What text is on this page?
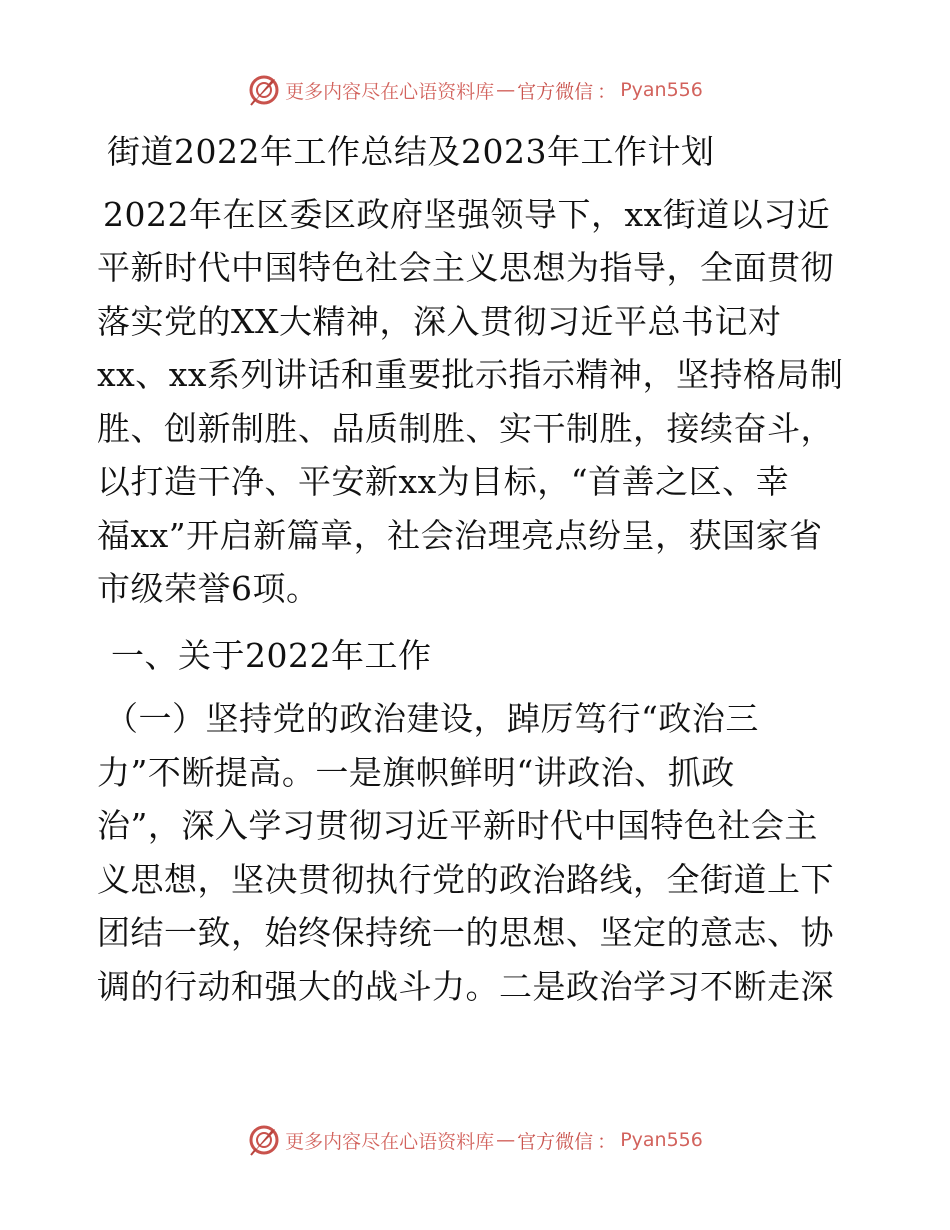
更多内容尽在心语资料库 — 官方微信 ： Pyan556
街道2022年工作总结及2023年工作计划
2022年在区委区政府坚强领导下，xx街道以习近
平新时代中国特色社会主义思想为指导，全面贯彻
落实党的XX大精神，深入贯彻习近平总书记对
xx、xx系列讲话和重要批示指示精神，坚持格局制
胜、创新制胜、品质制胜、实干制胜，接续奋斗，
以打造干净、平安新xx为目标，“首善之区、幸
福xx”开启新篇章，社会治理亮点纷呈，获国家省
市级荣誉6项。
一、关于2022年工作
（一）坚持党的政治建设，踔厉笃行“政治三
力”不断提高。一是旗帜鲜明“讲政治、抓政
治”，深入学习贯彻习近平新时代中国特色社会主
义思想，坚决贯彻执行党的政治路线，全街道上下
团结一致，始终保持统一的思想、坚定的意志、协
调的行动和强大的战斗力。二是政治学习不断走深
更多内容尽在心语资料库 — 官方微信 ： Pyan556
